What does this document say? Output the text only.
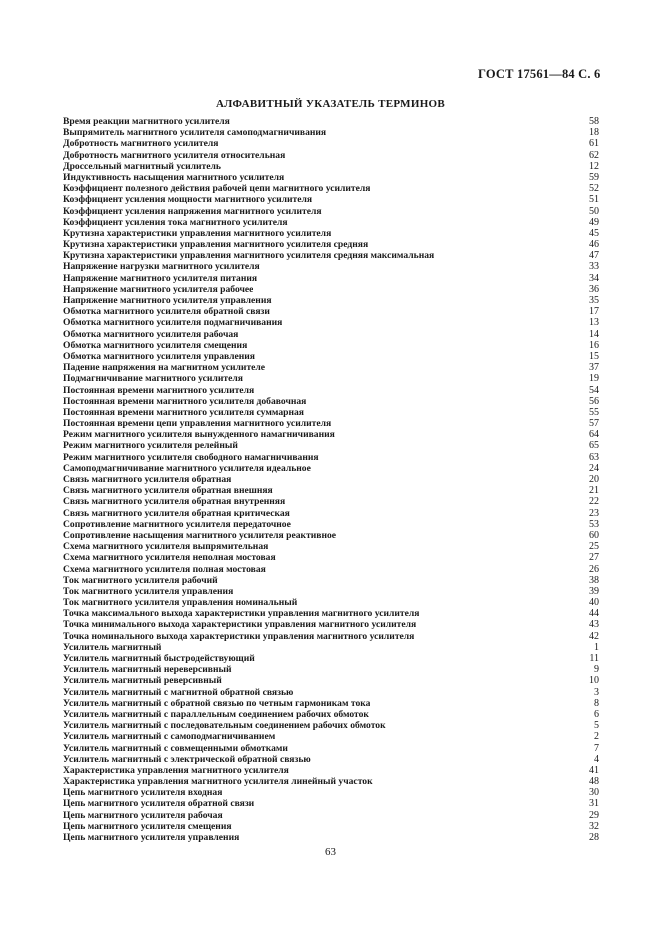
ГОСТ 17561—84 С. 6
АЛФАВИТНЫЙ УКАЗАТЕЛЬ ТЕРМИНОВ
Время реакции магнитного усилителя	58
Выпрямитель магнитного усилителя самоподмагничивания	18
Добротность магнитного усилителя	61
Добротность магнитного усилителя относительная	62
Дроссельный магнитный усилитель	12
Индуктивность насыщения магнитного усилителя	59
Коэффициент полезного действия рабочей цепи магнитного усилителя	52
Коэффициент усиления мощности магнитного усилителя	51
Коэффициент усиления напряжения магнитного усилителя	50
Коэффициент усиления тока магнитного усилителя	49
Крутизна характеристики управления магнитного усилителя	45
Крутизна характеристики управления магнитного усилителя средняя	46
Крутизна характеристики управления магнитного усилителя средняя максимальная	47
Напряжение нагрузки магнитного усилителя	33
Напряжение магнитного усилителя питания	34
Напряжение магнитного усилителя рабочее	36
Напряжение магнитного усилителя управления	35
Обмотка магнитного усилителя обратной связи	17
Обмотка магнитного усилителя подмагничивания	13
Обмотка магнитного усилителя рабочая	14
Обмотка магнитного усилителя смещения	16
Обмотка магнитного усилителя управления	15
Падение напряжения на магнитном усилителе	37
Подмагничивание магнитного усилителя	19
Постоянная времени магнитного усилителя	54
Постоянная времени магнитного усилителя добавочная	56
Постоянная времени магнитного усилителя суммарная	55
Постоянная времени цепи управления магнитного усилителя	57
Режим магнитного усилителя вынужденного намагничивания	64
Режим магнитного усилителя релейный	65
Режим магнитного усилителя свободного намагничивания	63
Самоподмагничивание магнитного усилителя идеальное	24
Связь магнитного усилителя обратная	20
Связь магнитного усилителя обратная внешняя	21
Связь магнитного усилителя обратная внутренняя	22
Связь магнитного усилителя обратная критическая	23
Сопротивление магнитного усилителя передаточное	53
Сопротивление насыщения магнитного усилителя реактивное	60
Схема магнитного усилителя выпрямительная	25
Схема магнитного усилителя неполная мостовая	27
Схема магнитного усилителя полная мостовая	26
Ток магнитного усилителя рабочий	38
Ток магнитного усилителя управления	39
Ток магнитного усилителя управления номинальный	40
Точка максимального выхода характеристики управления магнитного усилителя	44
Точка минимального выхода характеристики управления магнитного усилителя	43
Точка номинального выхода характеристики управления магнитного усилителя	42
Усилитель магнитный	1
Усилитель магнитный быстродействующий	11
Усилитель магнитный нереверсивный	9
Усилитель магнитный реверсивный	10
Усилитель магнитный с магнитной обратной связью	3
Усилитель магнитный с обратной связью по четным гармоникам тока	8
Усилитель магнитный с параллельным соединением рабочих обмоток	6
Усилитель магнитный с последовательным соединением рабочих обмоток	5
Усилитель магнитный с самоподмагничиванием	2
Усилитель магнитный с совмещенными обмотками	7
Усилитель магнитный с электрической обратной связью	4
Характеристика управления магнитного усилителя	41
Характеристика управления магнитного усилителя линейный участок	48
Цепь магнитного усилителя входная	30
Цепь магнитного усилителя обратной связи	31
Цепь магнитного усилителя рабочая	29
Цепь магнитного усилителя смещения	32
Цепь магнитного усилителя управления	28
63
